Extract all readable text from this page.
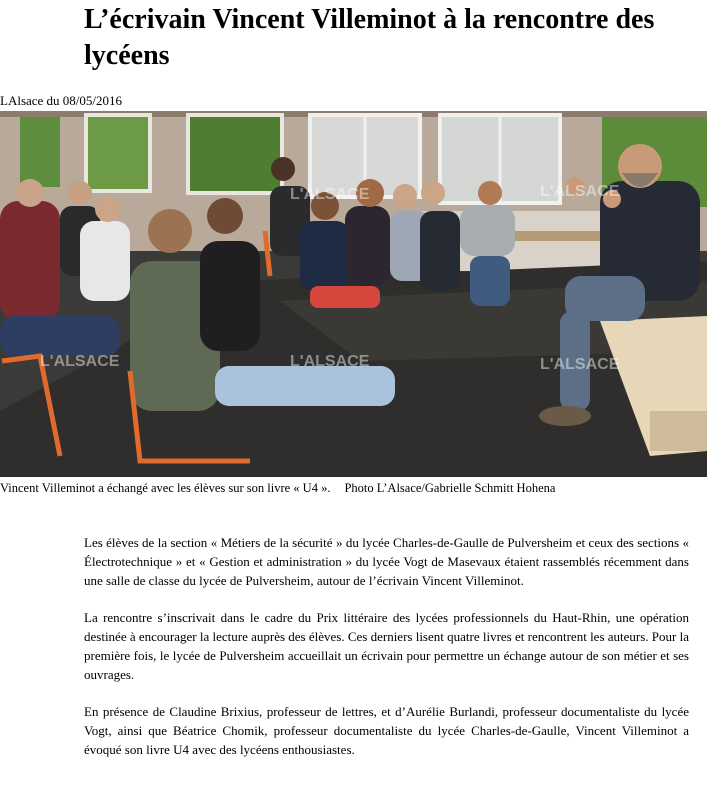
L’écrivain Vincent Villeminot à la rencontre des lycéens
LAlsace du 08/05/2016
L'ALSACE	L'ALSACE	L'ALSACE
L'ALSACE	L'ALSACE
Vincent Villeminot a échangé avec les élèves sur son livre « U4 ». Photo L’Alsace/Gabrielle Schmitt Hohena

Les élèves de la section « Métiers de la sécurité » du lycée Charles-de-Gaulle de Pulversheim et ceux des sections « Électrotechnique » et « Gestion et administration » du lycée Vogt de Masevaux étaient rassemblés récemment dans une salle de classe du lycée de Pulversheim, autour de l’écrivain Vincent Villeminot.

La rencontre s’inscrivait dans le cadre du Prix littéraire des lycées professionnels du Haut-Rhin, une opération destinée à encourager la lecture auprès des élèves. Ces derniers lisent quatre livres et rencontrent les auteurs. Pour la première fois, le lycée de Pulversheim accueillait un écrivain pour permettre un échange autour de son métier et ses ouvrages.

En présence de Claudine Brixius, professeur de lettres, et d’Aurélie Burlandi, professeur documentaliste du lycée Vogt, ainsi que Béatrice Chomik, professeur documentaliste du lycée Charles-de-Gaulle, Vincent Villeminot a évoqué son livre U4 avec des lycéens enthousiastes.
